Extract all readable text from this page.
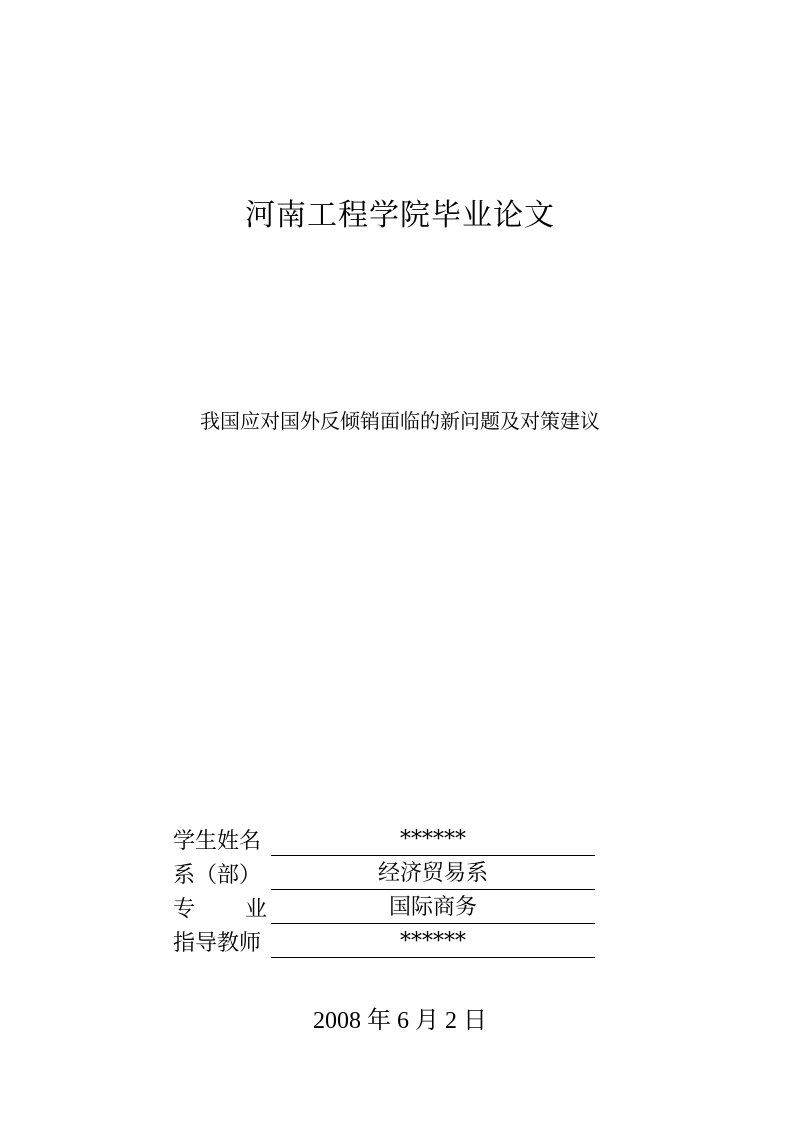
河南工程学院毕业论文
我国应对国外反倾销面临的新问题及对策建议
学生姓名	******
系（部）	经济贸易系
专 业	国际商务
指导教师	******
2008 年 6 月 2 日
